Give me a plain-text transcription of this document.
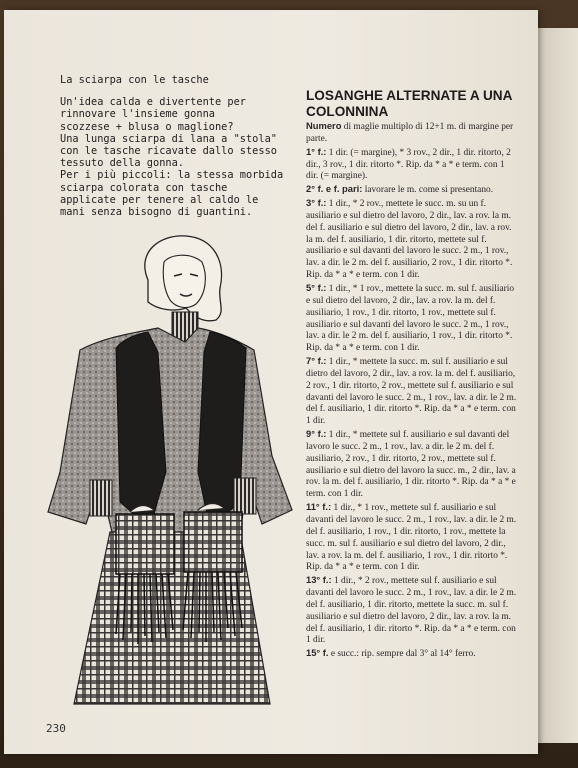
La sciarpa con le tasche
Un'idea calda e divertente per
rinnovare l'insieme gonna
scozzese + blusa o maglione?
Una lunga sciarpa di lana a "stola"
con le tasche ricavate dallo stesso
tessuto della gonna.
Per i più piccoli: la stessa morbida
sciarpa colorata con tasche
applicate per tenere al caldo le
mani senza bisogno di guantini.
LOSANGHE ALTERNATE A UNA COLONNINA

Numero di maglie multiplo di 12+1 m. di margine per parte.

1° f.: 1 dir. (= margine), * 3 rov., 2 dir., 1 dir. ritorto, 2 dir., 3 rov., 1 dir. ritorto *. Rip. da * a * e term. con 1 dir. (= margine).

2° f. e f. pari: lavorare le m. come si presentano.

3° f.: 1 dir., * 2 rov., mettete le succ. m. su un f. ausiliario e sul dietro del lavoro, 2 dir., lav. a rov. la m. del f. ausiliario e sul dietro del lavoro, 2 dir., lav. a rov. la m. del f. ausiliario, 1 dir. ritorto, mettete sul f. ausiliario e sul davanti del lavoro le succ. 2 m., 1 rov., lav. a dir. le 2 m. del f. ausiliario, 2 rov., 1 dir. ritorto *. Rip. da * a * e term. con 1 dir.

5° f.: 1 dir., * 1 rov., mettete la succ. m. sul f. ausiliario e sul dietro del lavoro, 2 dir., lav. a rov. la m. del f. ausiliario, 1 rov., 1 dir. ritorto, 1 rov., mettete sul f. ausiliario e sul davanti del lavoro le succ. 2 m., 1 rov., lav. a dir. le 2 m. del f. ausiliario, 1 rov., 1 dir. ritorto *. Rip. da * a * e term. con 1 dir.

7° f.: 1 dir., * mettete la succ. m. sul f. ausiliario e sul dietro del lavoro, 2 dir., lav. a rov. la m. del f. ausiliario, 2 rov., 1 dir. ritorto, 2 rov., mettete sul f. ausiliario e sul davanti del lavoro le succ. 2 m., 1 rov., lav. a dir. le 2 m. del f. ausiliario, 1 dir. ritorto *. Rip. da * a * e term. con 1 dir.

9° f.: 1 dir., * mettete sul f. ausiliario e sul davanti del lavoro le succ. 2 m., 1 rov., lav. a dir. le 2 m. del f. ausiliario, 2 rov., 1 dir. ritorto, 2 rov., mettete sul f. ausiliario e sul dietro del lavoro la succ. m., 2 dir., lav. a rov. la m. del f. ausiliario, 1 dir. ritorto *. Rip. da * a * e term. con 1 dir.

11° f.: 1 dir., * 1 rov., mettete sul f. ausiliario e sul davanti del lavoro le succ. 2 m., 1 rov., lav. a dir. le 2 m. del f. ausiliario, 1 rov., 1 dir. ritorto, 1 rov., mettete la succ. m. sul f. ausiliario e sul dietro del lavoro, 2 dir., lav. a rov. la m. del f. ausiliario, 1 rov., 1 dir. ritorto *. Rip. da * a * e term. con 1 dir.

13° f.: 1 dir., * 2 rov., mettete sul f. ausiliario e sul davanti del lavoro le succ. 2 m., 1 rov., lav. a dir. le 2 m. del f. ausiliario, 1 dir. ritorto, mettete la succ. m. sul f. ausiliario e sul dietro del lavoro, 2 dir., lav. a rov. la m. del f. ausiliario, 1 dir. ritorto *. Rip. da * a * e term. con 1 dir.

15° f. e succ.: rip. sempre dal 3° al 14° ferro.

230
